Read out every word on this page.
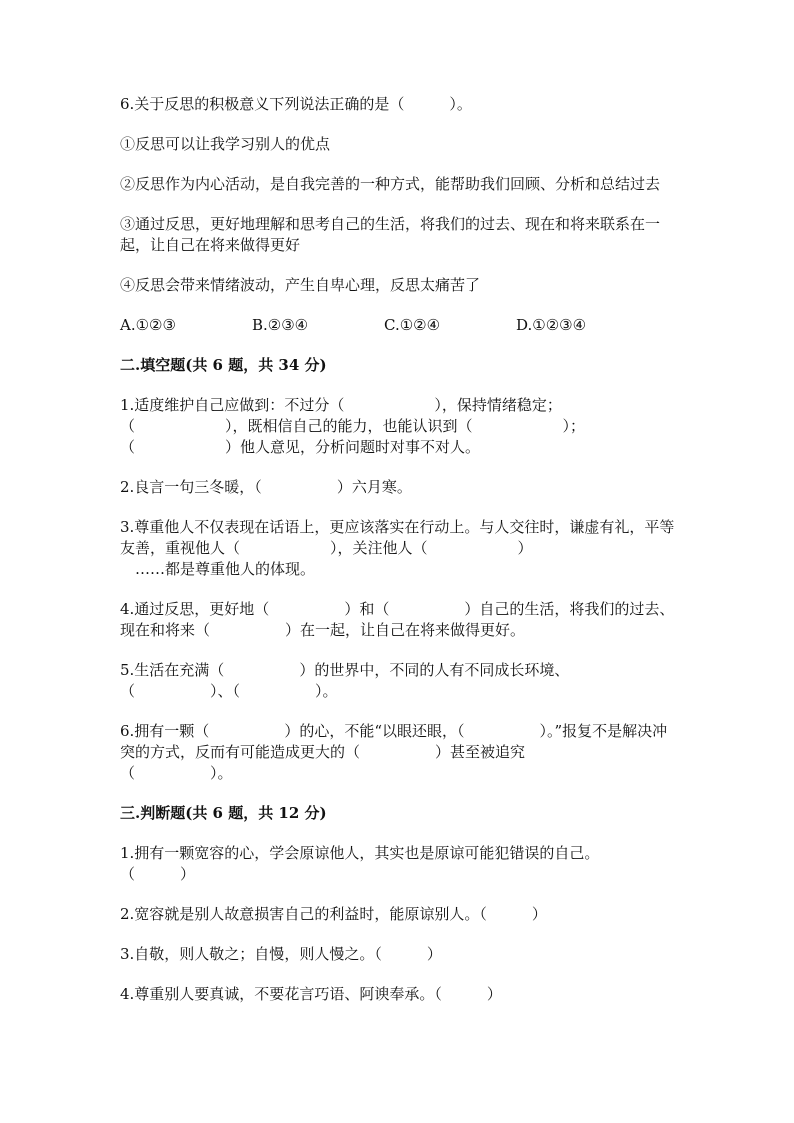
6.关于反思的积极意义下列说法正确的是（　　　）。

①反思可以让我学习别人的优点

②反思作为内心活动，是自我完善的一种方式，能帮助我们回顾、分析和总结过去

③通过反思，更好地理解和思考自己的生活，将我们的过去、现在和将来联系在一起，让自己在将来做得更好

④反思会带来情绪波动，产生自卑心理，反思太痛苦了

A.①②③	B.②③④	C.①②④	D.①②③④

二.填空题(共 6 题，共 34 分)

1.适度维护自己应做到：不过分（　　　　　　），保持情绪稳定；
（　　　　　　），既相信自己的能力，也能认识到（　　　　　　）；
（　　　　　　）他人意见，分析问题时对事不对人。

2.良言一句三冬暖，（　　　　　）六月寒。

3.尊重他人不仅表现在话语上，更应该落实在行动上。与人交往时，谦虚有礼，平等友善，重视他人（　　　　　　），关注他人（　　　　　　）
　……都是尊重他人的体现。

4.通过反思，更好地（　　　　　）和（　　　　　）自己的生活，将我们的过去、现在和将来（　　　　　）在一起，让自己在将来做得更好。

5.生活在充满（　　　　　）的世界中，不同的人有不同成长环境、
（　　　　　）、（　　　　　）。

6.拥有一颗（　　　　　）的心，不能“以眼还眼，（　　　　　）。”报复不是解决冲突的方式，反而有可能造成更大的（　　　　　）甚至被追究
（　　　　　）。

三.判断题(共 6 题，共 12 分)

1.拥有一颗宽容的心，学会原谅他人，其实也是原谅可能犯错误的自己。
（　　　）

2.宽容就是别人故意损害自己的利益时，能原谅别人。（　　　）

3.自敬，则人敬之；自慢，则人慢之。（　　　）

4.尊重别人要真诚，不要花言巧语、阿谀奉承。（　　　）
